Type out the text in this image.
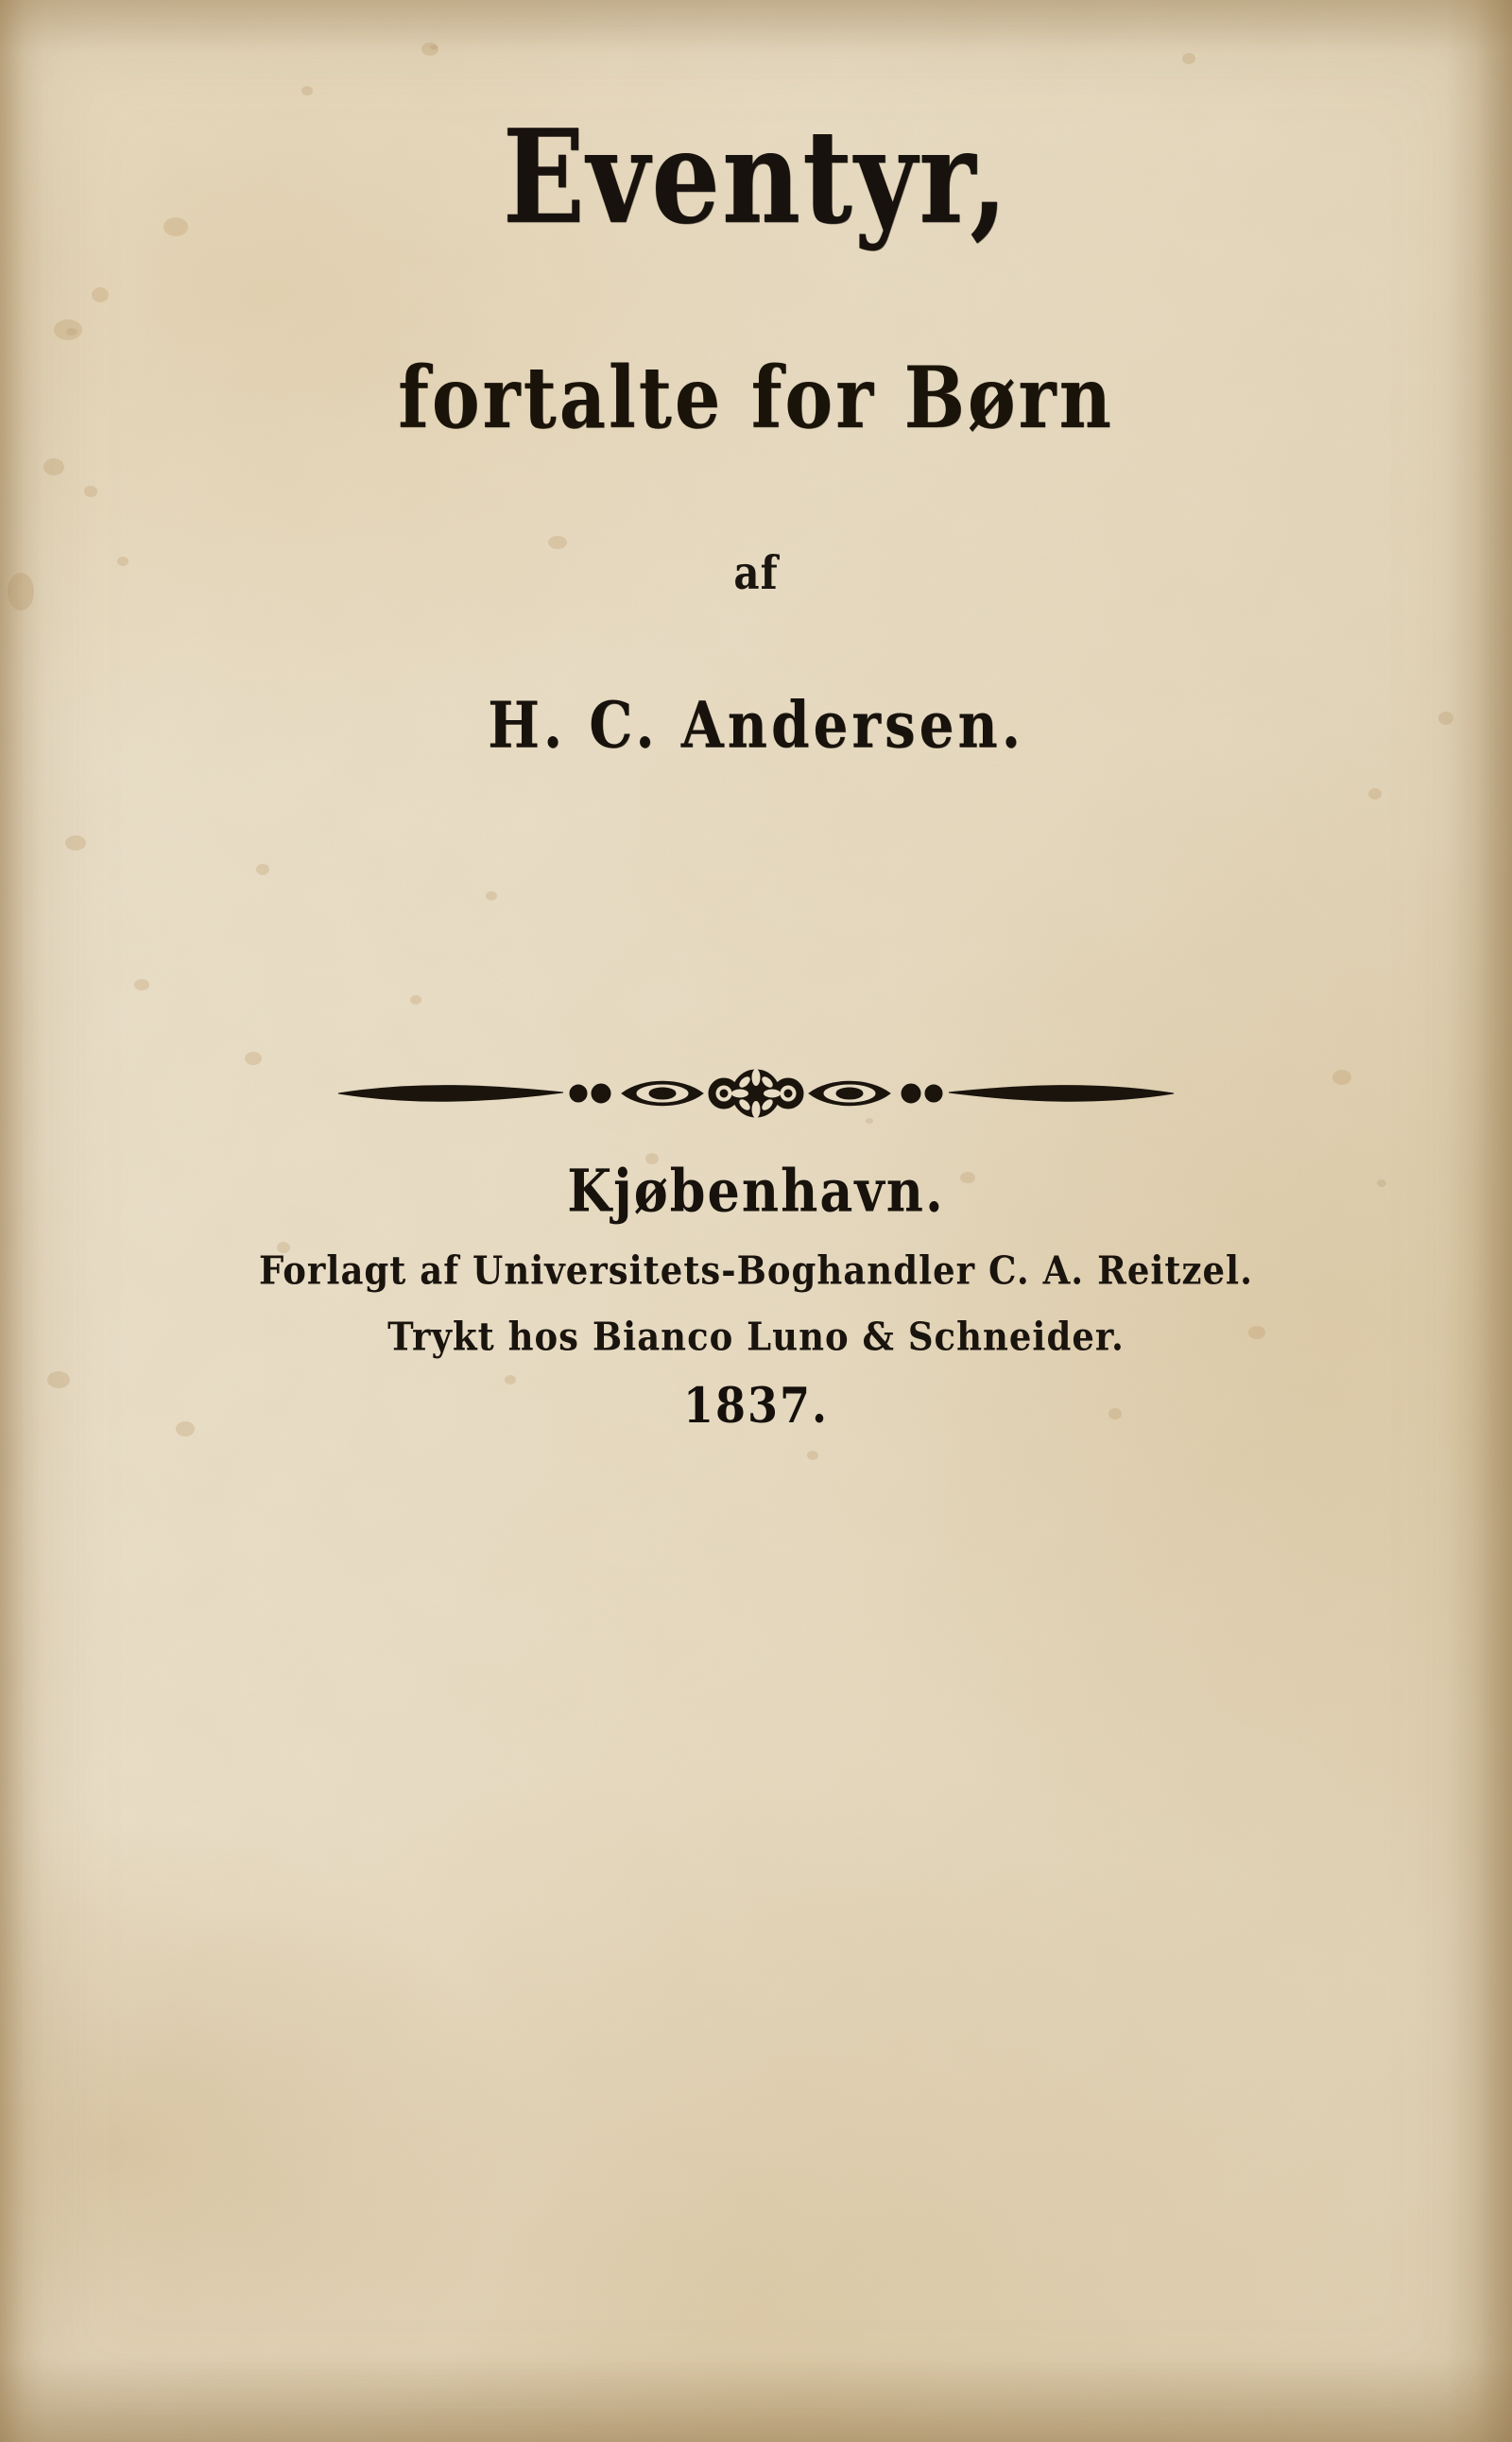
Eventyr,
fortalte for Børn
af
H. C. Andersen.
Kjøbenhavn.
Forlagt af Universitets-Boghandler C. A. Reitzel.
Trykt hos Bianco Luno & Schneider.
1837.
